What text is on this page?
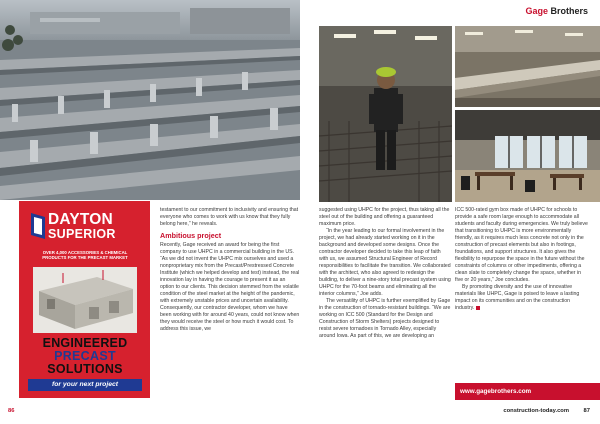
Gage Brothers
DAYTON
SUPERIOR
OVER 4,000 ACCESSORIES & CHEMICAL
PRODUCTS FOR THE PRECAST MARKET
ENGINEERED
PRECAST
SOLUTIONS
for your next project

testament to our commitment to inclusivity and ensuring that everyone who comes to work with us know that they fully belong here,” he reveals.

Ambitious project

Recently, Gage received an award for being the first company to use UHPC in a commercial building in the US. “As we did not invent the UHPC mix ourselves and used a nonproprietary mix from the Precast/Prestressed Concrete Institute (which we helped develop and test) instead, the real innovation lay in having the courage to present it as an option to our clients. This decision stemmed from the volatile condition of the steel market at the height of the pandemic, with extremely unstable prices and uncertain availability. Consequently, our contractor developer, whom we have been working with for around 40 years, could not know when they would receive the steel or how much it would cost. To address this issue, we

suggested using UHPC for the project, thus taking all the steel out of the building and offering a guaranteed maximum price.

“In the year leading to our formal involvement in the project, we had already started working on it in the background and developed some designs. Once the contractor developer decided to take this leap of faith with us, we assumed Structural Engineer of Record responsibilities to facilitate the transition. We collaborated with the architect, who also agreed to redesign the building, to deliver a nine-story total precast system using UHPC for the 70-foot beams and eliminating all the interior columns,” Joe adds.

The versatility of UHPC is further exemplified by Gage in the construction of tornado-resistant buildings. “We are working on ICC 500 (Standard for the Design and Construction of Storm Shelters) projects designed to resist severe tornadoes in Tornado Alley, especially around Iowa. As part of this, we are developing an

ICC 500-rated gym box made of UHPC for schools to provide a safe room large enough to accommodate all students and faculty during emergencies. We truly believe that transitioning to UHPC is more environmentally friendly, as it requires much less concrete not only in the construction of precast elements but also in footings, foundations, and support structures. It also gives the flexibility to repurpose the space in the future without the constraints of columns or other impediments, offering a clean slate to completely change the space, whether in five or 20 years,” Joe concludes.

By promoting diversity and the use of innovative materials like UHPC, Gage is poised to leave a lasting impact on its communities and on the construction industry.

www.gagebrothers.com
86	construction-today.com	87
